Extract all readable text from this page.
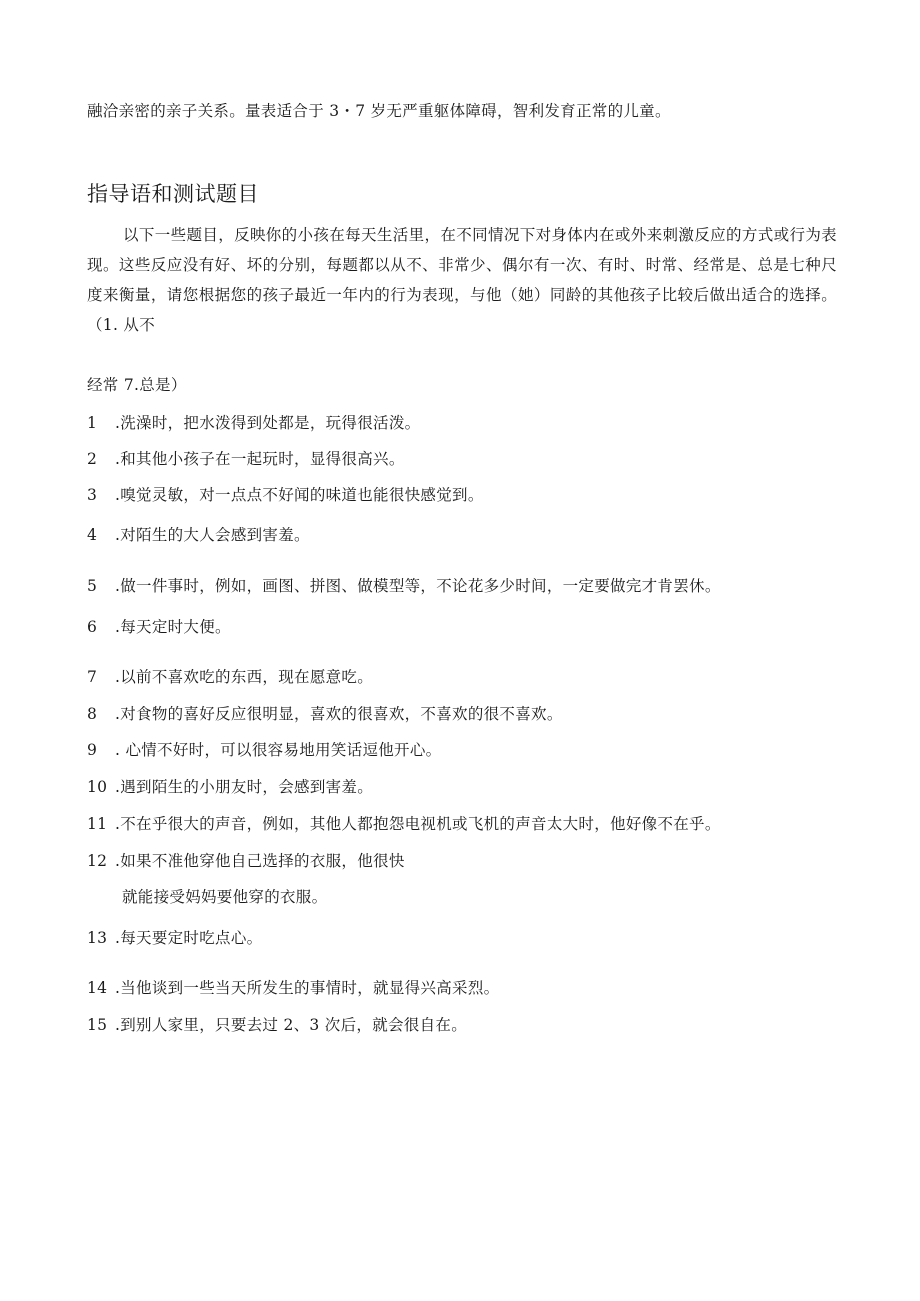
融洽亲密的亲子关系。量表适合于 3・7 岁无严重躯体障碍，智利发育正常的儿童。
指导语和测试题目
以下一些题目，反映你的小孩在每天生活里，在不同情况下对身体内在或外来刺激反应的方式或行为表现。这些反应没有好、坏的分别，每题都以从不、非常少、偶尔有一次、有时、时常、经常是、总是七种尺度来衡量，请您根据您的孩子最近一年内的行为表现，与他（她）同龄的其他孩子比较后做出适合的选择。（1. 从不
经常 7.总是）
1 .洗澡时，把水泼得到处都是，玩得很活泼。
2 .和其他小孩子在一起玩时，显得很高兴。
3 .嗅觉灵敏，对一点点不好闻的味道也能很快感觉到。
4 .对陌生的大人会感到害羞。
5 .做一件事时，例如，画图、拼图、做模型等，不论花多少时间，一定要做完才肯罢休。
6 .每天定时大便。
7 .以前不喜欢吃的东西，现在愿意吃。
8 .对食物的喜好反应很明显，喜欢的很喜欢，不喜欢的很不喜欢。
9 . 心情不好时，可以很容易地用笑话逗他开心。
10 .遇到陌生的小朋友时，会感到害羞。
11 .不在乎很大的声音，例如，其他人都抱怨电视机或飞机的声音太大时，他好像不在乎。
12 .如果不准他穿他自己选择的衣服，他很快
就能接受妈妈要他穿的衣服。
13 .每天要定时吃点心。
14 .当他谈到一些当天所发生的事情时，就显得兴高采烈。
15 .到别人家里，只要去过 2、3 次后，就会很自在。
